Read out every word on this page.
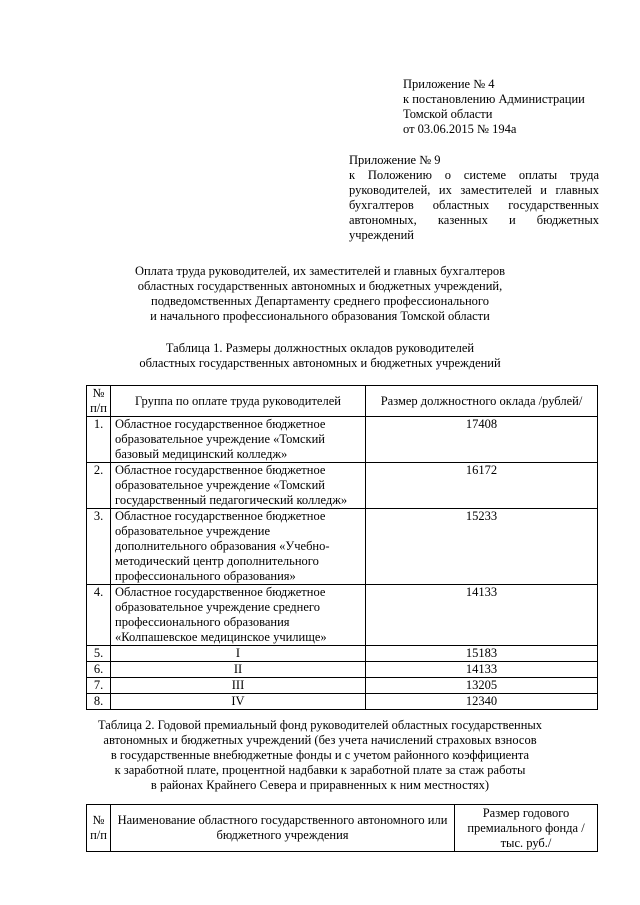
Приложение № 4
к постановлению Администрации
Томской области
от 03.06.2015 № 194а
Приложение № 9
к Положению о системе оплаты труда
руководителей, их заместителей и главных
бухгалтеров областных государственных
автономных, казенных и бюджетных
учреждений
Оплата труда руководителей, их заместителей и главных бухгалтеров
областных государственных автономных и бюджетных учреждений,
подведомственных Департаменту среднего профессионального
и начального профессионального образования Томской области
Таблица 1. Размеры должностных окладов руководителей
областных государственных автономных и бюджетных учреждений
№ п/п	Группа по оплате труда руководителей	Размер должностного оклада /рублей/
1.	Областное государственное бюджетное образовательное учреждение «Томский базовый медицинский колледж»	17408
2.	Областное государственное бюджетное образовательное учреждение «Томский государственный педагогический колледж»	16172
3.	Областное государственное бюджетное образовательное учреждение дополнительного образования «Учебно-методический центр дополнительного профессионального образования»	15233
4.	Областное государственное бюджетное образовательное учреждение среднего профессионального образования «Колпашевское медицинское училище»	14133
5.	I	15183
6.	II	14133
7.	III	13205
8.	IV	12340
Таблица 2. Годовой премиальный фонд руководителей областных государственных
автономных и бюджетных учреждений (без учета начислений страховых взносов
в государственные внебюджетные фонды и с учетом районного коэффициента
к заработной плате, процентной надбавки к заработной плате за стаж работы
в районах Крайнего Севера и приравненных к ним местностях)
№ п/п	Наименование областного государственного автономного или бюджетного учреждения	Размер годового премиального фонда /тыс. руб./
